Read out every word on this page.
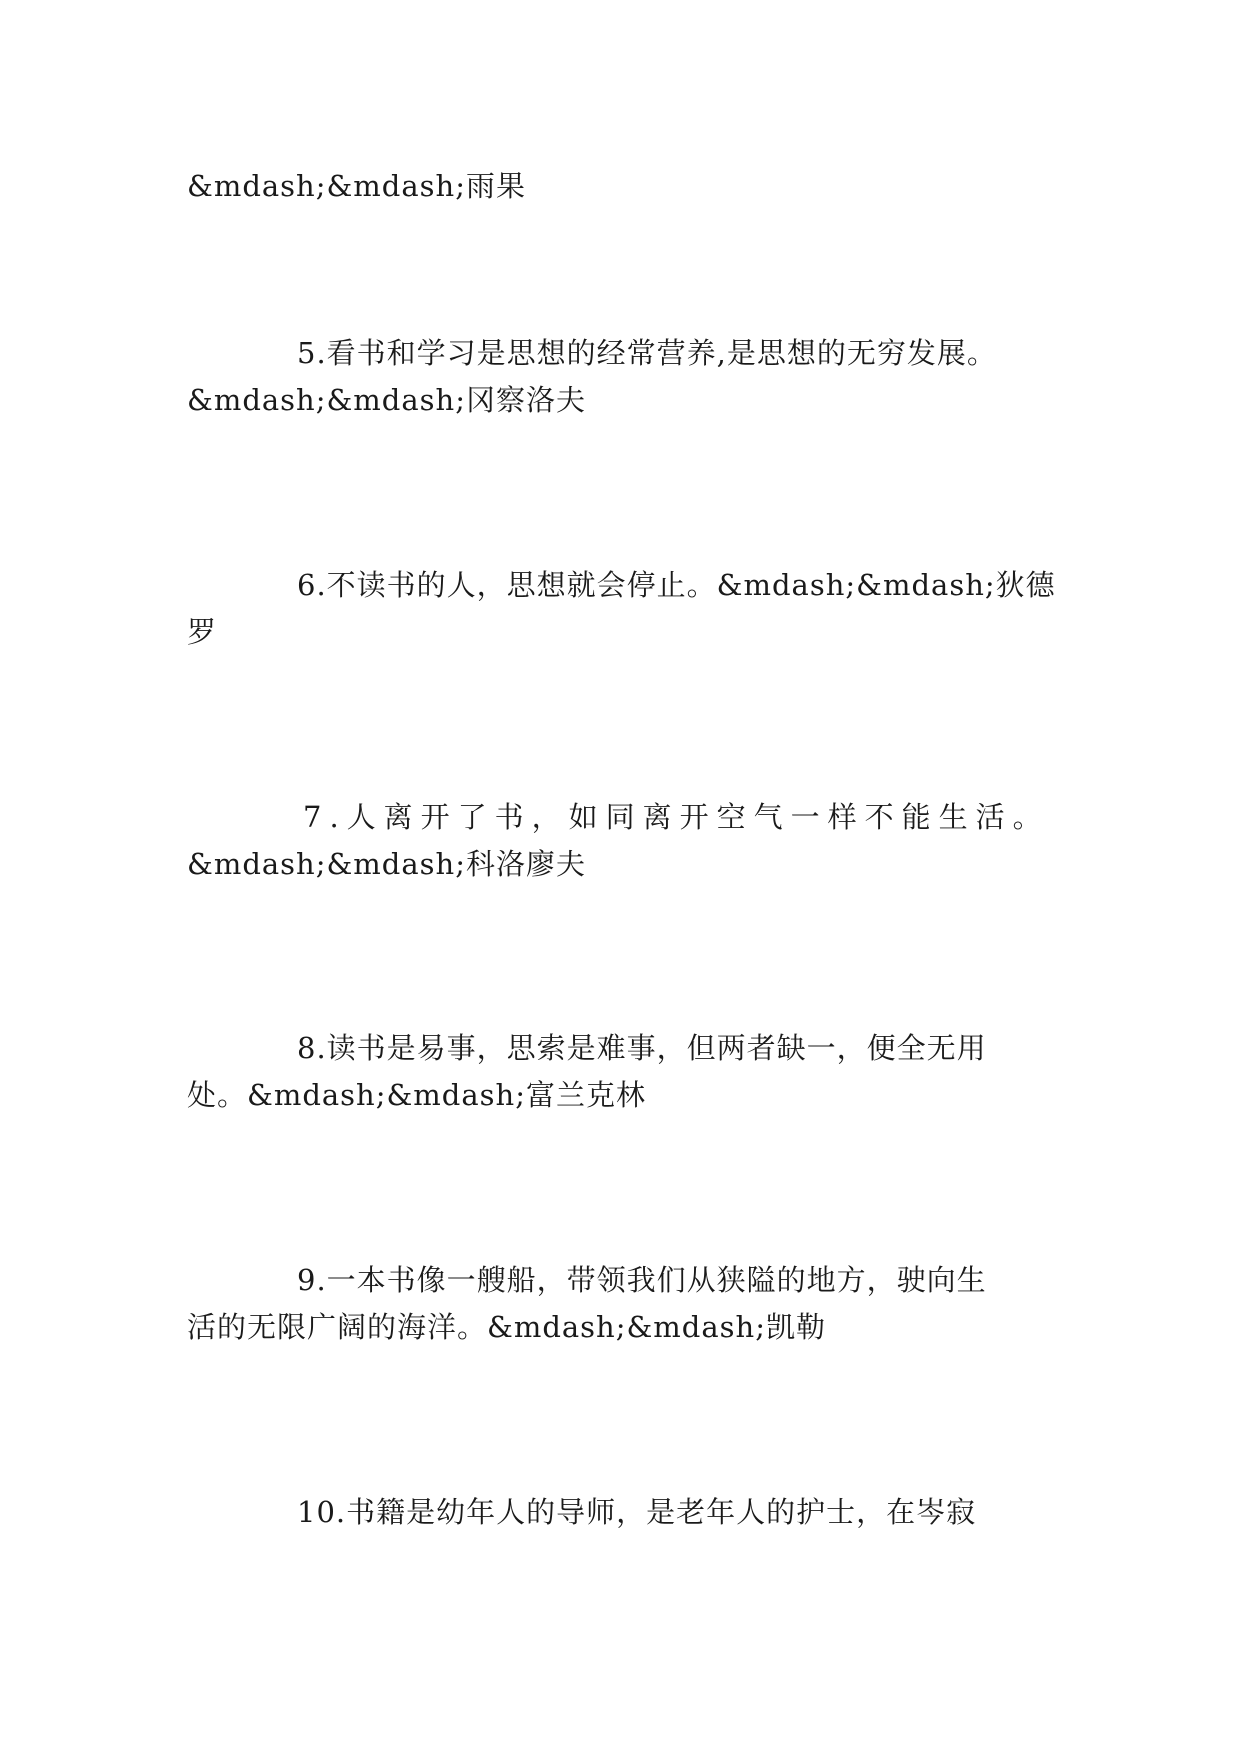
&mdash;&mdash;雨果
5.看书和学习是思想的经常营养,是思想的无穷发展。
&mdash;&mdash;冈察洛夫
6.不读书的人，思想就会停止。&mdash;&mdash;狄德
罗
7.人离开了书，如同离开空气一样不能生活。
&mdash;&mdash;科洛廖夫
8.读书是易事，思索是难事，但两者缺一，便全无用
处。&mdash;&mdash;富兰克林
9.一本书像一艘船，带领我们从狭隘的地方，驶向生
活的无限广阔的海洋。&mdash;&mdash;凯勒
10.书籍是幼年人的导师，是老年人的护士，在岑寂
